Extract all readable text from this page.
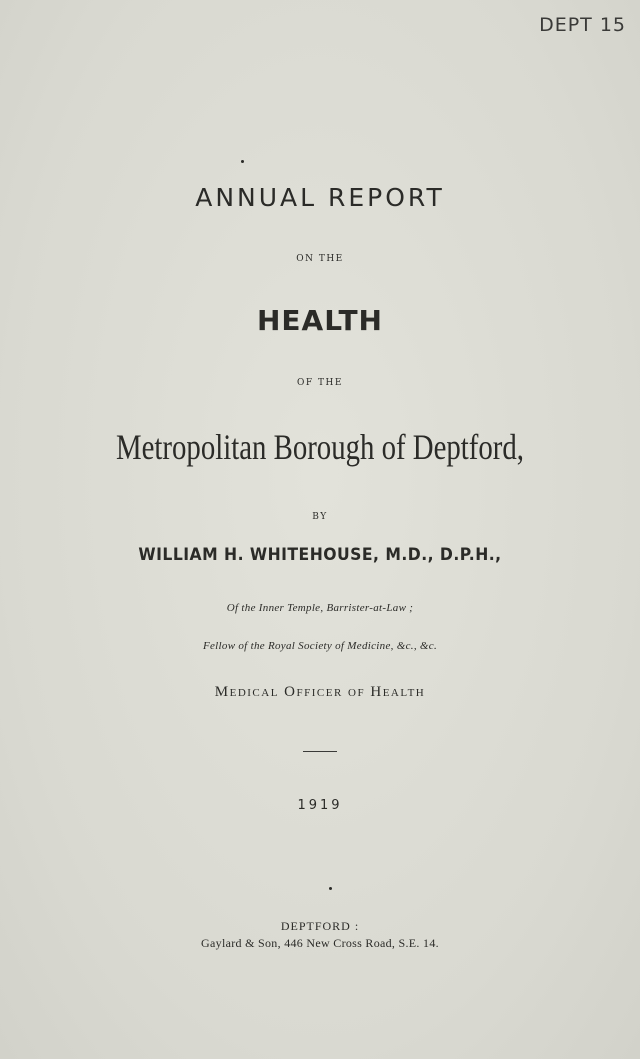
DEPT 15
ANNUAL REPORT
ON THE
HEALTH
OF THE
Metropolitan Borough of Deptford,
BY
WILLIAM H. WHITEHOUSE, M.D., D.P.H.,
Of the Inner Temple, Barrister-at-Law ;
Fellow of the Royal Society of Medicine, &c., &c.
Medical Officer of Health
1919
DEPTFORD :
Gaylard & Son, 446 New Cross Road, S.E. 14.
